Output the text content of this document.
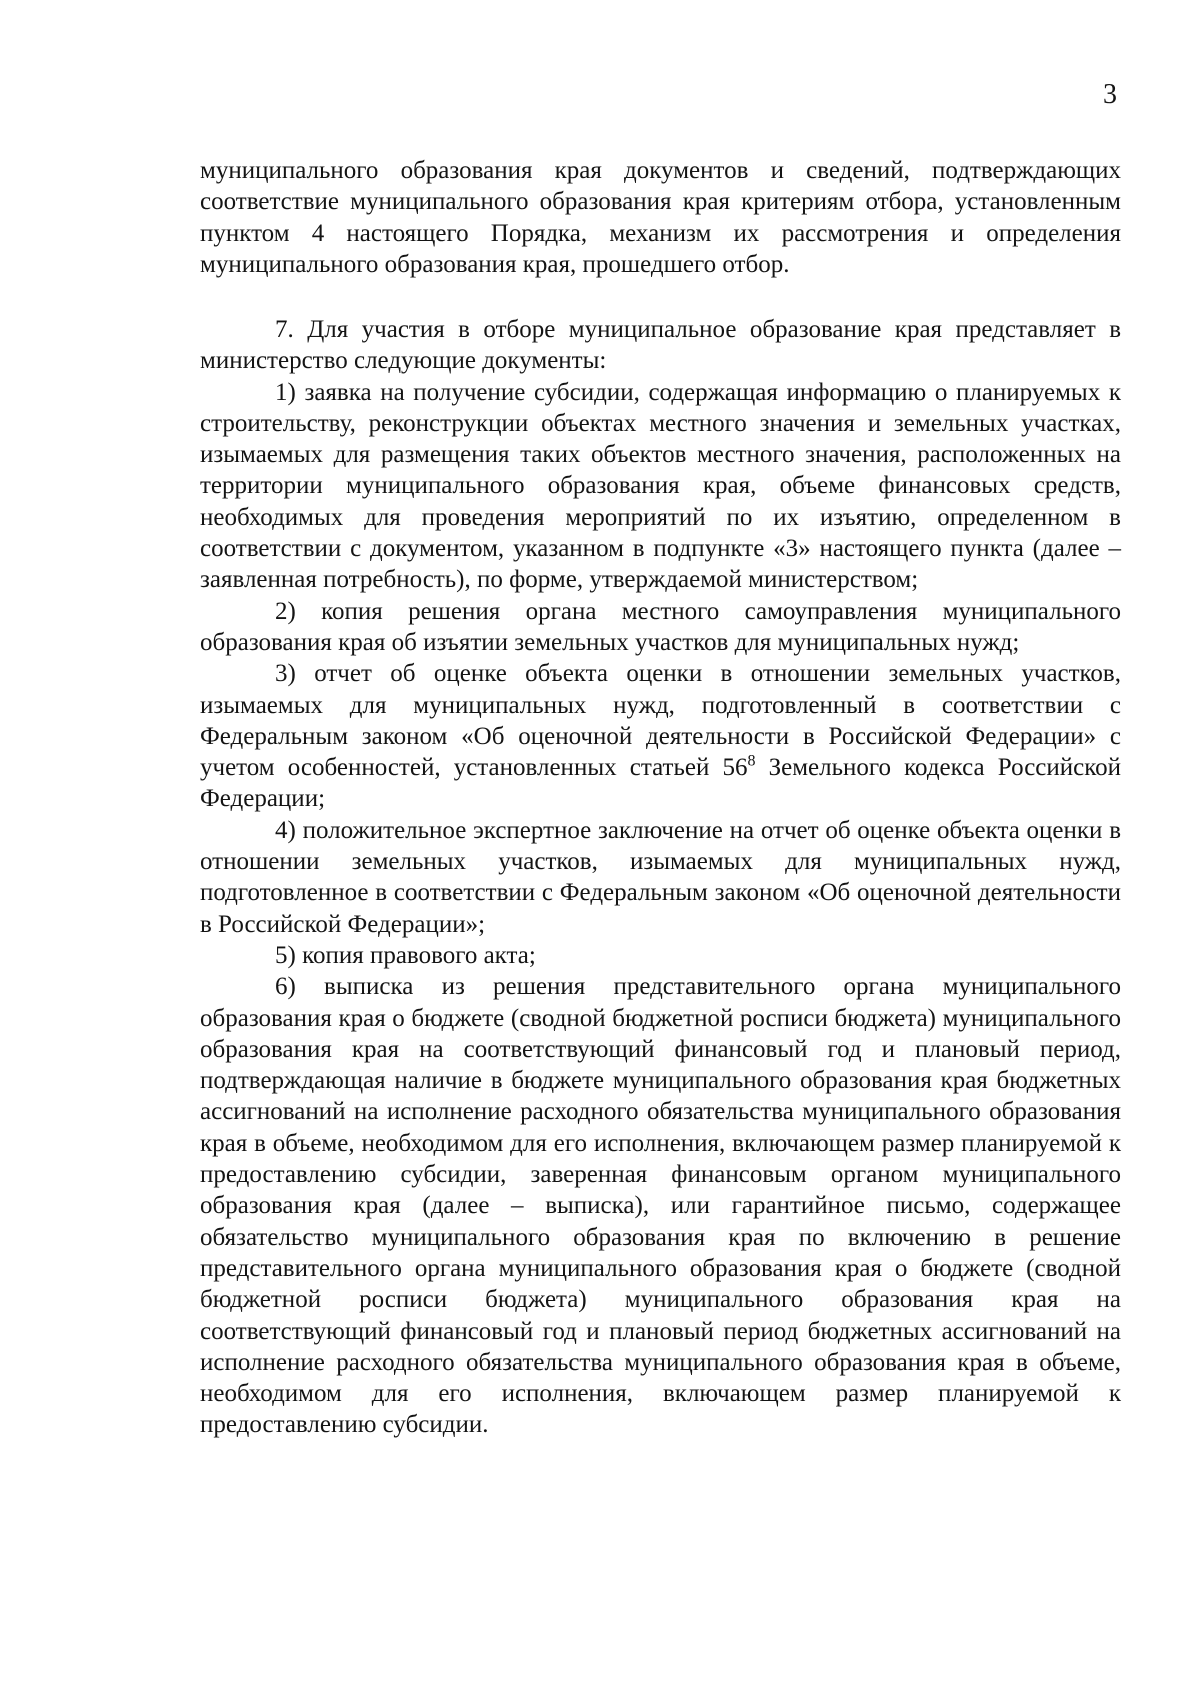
3

муниципального образования края документов и сведений, подтверждающих соответствие муниципального образования края критериям отбора, установленным пунктом 4 настоящего Порядка, механизм их рассмотрения и определения муниципального образования края, прошедшего отбор.

7. Для участия в отборе муниципальное образование края представляет в министерство следующие документы:

1) заявка на получение субсидии, содержащая информацию о планируемых к строительству, реконструкции объектах местного значения и земельных участках, изымаемых для размещения таких объектов местного значения, расположенных на территории муниципального образования края, объеме финансовых средств, необходимых для проведения мероприятий по их изъятию, определенном в соответствии с документом, указанном в подпункте «3» настоящего пункта (далее – заявленная потребность), по форме, утверждаемой министерством;

2) копия решения органа местного самоуправления муниципального образования края об изъятии земельных участков для муниципальных нужд;

3) отчет об оценке объекта оценки в отношении земельных участков, изымаемых для муниципальных нужд, подготовленный в соответствии с Федеральным законом «Об оценочной деятельности в Российской Федерации» с учетом особенностей, установленных статьей $56^8$ Земельного кодекса Российской Федерации;

4) положительное экспертное заключение на отчет об оценке объекта оценки в отношении земельных участков, изымаемых для муниципальных нужд, подготовленное в соответствии с Федеральным законом «Об оценочной деятельности в Российской Федерации»;

5) копия правового акта;

6) выписка из решения представительного органа муниципального образования края о бюджете (сводной бюджетной росписи бюджета) муниципального образования края на соответствующий финансовый год и плановый период, подтверждающая наличие в бюджете муниципального образования края бюджетных ассигнований на исполнение расходного обязательства муниципального образования края в объеме, необходимом для его исполнения, включающем размер планируемой к предоставлению субсидии, заверенная финансовым органом муниципального образования края (далее – выписка), или гарантийное письмо, содержащее обязательство муниципального образования края по включению в решение представительного органа муниципального образования края о бюджете (сводной бюджетной росписи бюджета) муниципального образования края на соответствующий финансовый год и плановый период бюджетных ассигнований на исполнение расходного обязательства муниципального образования края в объеме, необходимом для его исполнения, включающем размер планируемой к предоставлению субсидии.
